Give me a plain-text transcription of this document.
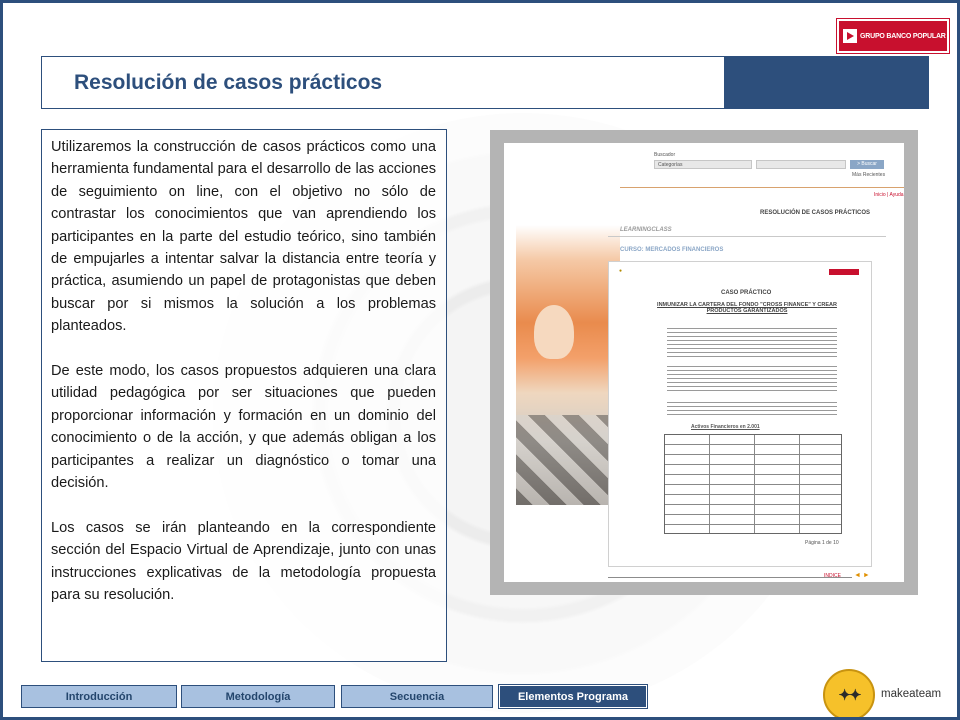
GRUPO BANCO POPULAR
Resolución de casos prácticos

Utilizaremos la construcción de casos prácticos como una herramienta fundamental para el desarrollo de las acciones de seguimiento on line, con el objetivo no sólo de contrastar los conocimientos que van aprendiendo los participantes en la parte del estudio teórico, sino también de empujarles a intentar salvar la distancia entre teoría y práctica, asumiendo un papel de protagonistas que deben buscar por si mismos la solución a los problemas planteados.

De este modo, los casos propuestos adquieren una clara utilidad pedagógica por ser situaciones que pueden proporcionar información y formación en un dominio del conocimiento o de la acción, y que además obligan a los participantes a realizar un diagnóstico o tomar una decisión.

Los casos se irán planteando en la correspondiente sección del Espacio Virtual de Aprendizaje, junto con unas instrucciones explicativas de la metodología propuesta para su resolución.

Buscador
Categorías	> Buscar
Más Recientes
Inicio | Ayuda
RESOLUCIÓN DE CASOS PRÁCTICOS
LEARNINGCLASS
CURSO: MERCADOS FINANCIEROS
●
CASO PRÁCTICO
INMUNIZAR LA CARTERA DEL FONDO "CROSS FINANCE" Y CREAR PRODUCTOS GARANTIZADOS
Activos Financieros en 2.001
Página 1 de 10
INDICE ◄ ►
Introducción	Metodología	Secuencia	Elementos Programa	✦✦ makeateam
